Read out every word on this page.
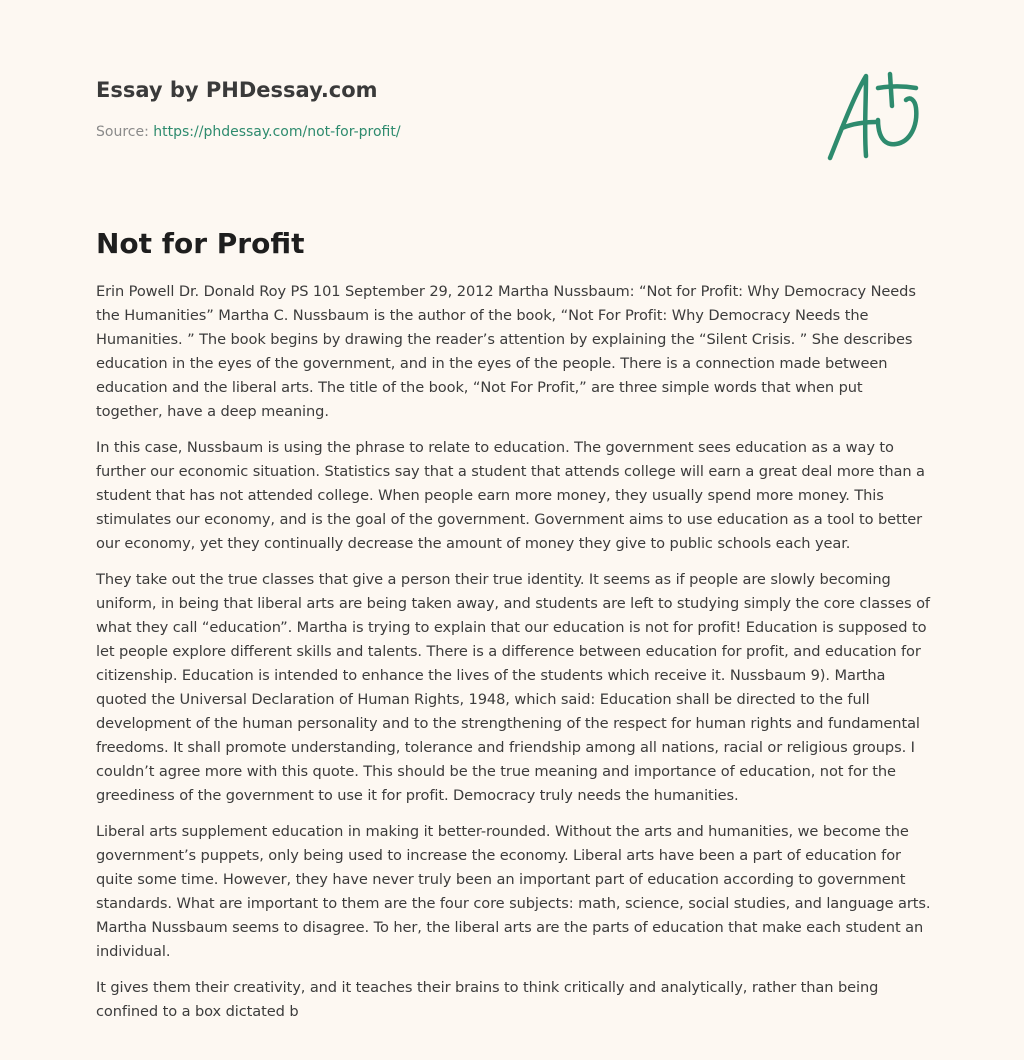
Essay by PHDessay.com
Source: https://phdessay.com/not-for-profit/
Not for Profit

Erin Powell Dr. Donald Roy PS 101 September 29, 2012 Martha Nussbaum: “Not for Profit: Why Democracy Needs the Humanities” Martha C. Nussbaum is the author of the book, “Not For Profit: Why Democracy Needs the Humanities. ” The book begins by drawing the reader’s attention by explaining the “Silent Crisis. ” She describes education in the eyes of the government, and in the eyes of the people. There is a connection made between education and the liberal arts. The title of the book, “Not For Profit,” are three simple words that when put together, have a deep meaning.

In this case, Nussbaum is using the phrase to relate to education. The government sees education as a way to further our economic situation. Statistics say that a student that attends college will earn a great deal more than a student that has not attended college. When people earn more money, they usually spend more money. This stimulates our economy, and is the goal of the government. Government aims to use education as a tool to better our economy, yet they continually decrease the amount of money they give to public schools each year.

They take out the true classes that give a person their true identity. It seems as if people are slowly becoming uniform, in being that liberal arts are being taken away, and students are left to studying simply the core classes of what they call “education”. Martha is trying to explain that our education is not for profit! Education is supposed to let people explore different skills and talents. There is a difference between education for profit, and education for citizenship. Education is intended to enhance the lives of the students which receive it. Nussbaum 9). Martha quoted the Universal Declaration of Human Rights, 1948, which said: Education shall be directed to the full development of the human personality and to the strengthening of the respect for human rights and fundamental freedoms. It shall promote understanding, tolerance and friendship among all nations, racial or religious groups. I couldn’t agree more with this quote. This should be the true meaning and importance of education, not for the greediness of the government to use it for profit. Democracy truly needs the humanities.

Liberal arts supplement education in making it better-rounded. Without the arts and humanities, we become the government’s puppets, only being used to increase the economy. Liberal arts have been a part of education for quite some time. However, they have never truly been an important part of education according to government standards. What are important to them are the four core subjects: math, science, social studies, and language arts. Martha Nussbaum seems to disagree. To her, the liberal arts are the parts of education that make each student an individual.

It gives them their creativity, and it teaches their brains to think critically and analytically, rather than being confined to a box dictated b
